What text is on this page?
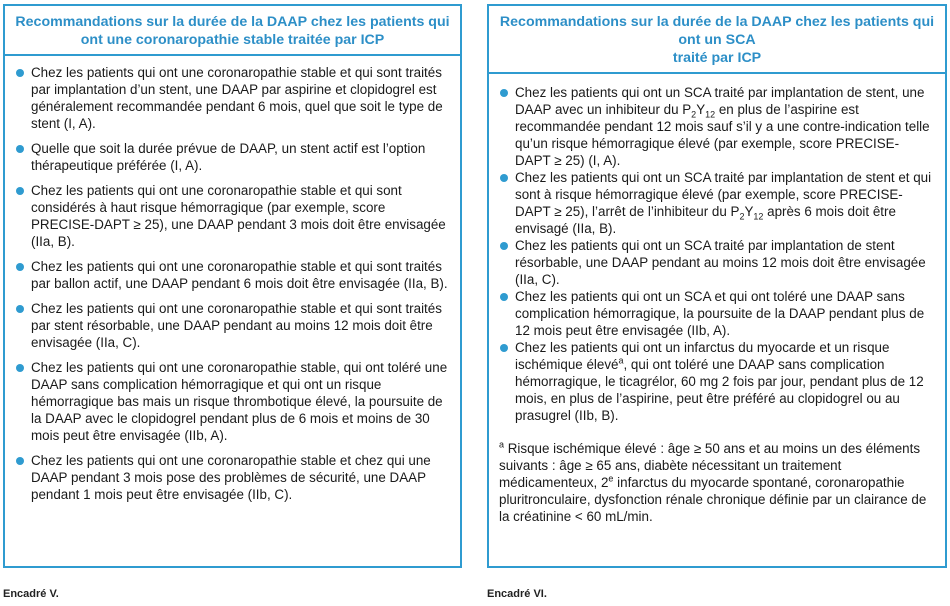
Recommandations sur la durée de la DAAP chez les patients qui
ont une coronaropathie stable traitée par ICP
Chez les patients qui ont une coronaropathie stable et qui sont traités par implantation d’un stent, une DAAP par aspirine et clopidogrel est généralement recommandée pendant 6 mois, quel que soit le type de stent (I, A).
Quelle que soit la durée prévue de DAAP, un stent actif est l’option thérapeutique préférée (I, A).
Chez les patients qui ont une coronaropathie stable et qui sont considérés à haut risque hémorragique (par exemple, score PRECISE-DAPT ≥ 25), une DAAP pendant 3 mois doit être envisagée (IIa, B).
Chez les patients qui ont une coronaropathie stable et qui sont traités par ballon actif, une DAAP pendant 6 mois doit être envisagée (IIa, B).
Chez les patients qui ont une coronaropathie stable et qui sont traités par stent résorbable, une DAAP pendant au moins 12 mois doit être envisagée (IIa, C).
Chez les patients qui ont une coronaropathie stable, qui ont toléré une DAAP sans complication hémorragique et qui ont un risque hémorragique bas mais un risque thrombotique élevé, la poursuite de la DAAP avec le clopidogrel pendant plus de 6 mois et moins de 30 mois peut être envisagée (IIb, A).
Chez les patients qui ont une coronaropathie stable et chez qui une DAAP pendant 3 mois pose des problèmes de sécurité, une DAAP pendant 1 mois peut être envisagée (IIb, C).
Recommandations sur la durée de la DAAP chez les patients qui
ont un SCA
traité par ICP
Chez les patients qui ont un SCA traité par implantation de stent, une DAAP avec un inhibiteur du $P_2Y_{12}$ en plus de l’aspirine est recommandée pendant 12 mois sauf s’il y a une contre-indication telle qu’un risque hémorragique élevé (par exemple, score PRECISE-DAPT ≥ 25) (I, A).
Chez les patients qui ont un SCA traité par implantation de stent et qui sont à risque hémorragique élevé (par exemple, score PRECISE-DAPT ≥ 25), l’arrêt de l’inhibiteur du $P_2Y_{12}$ après 6 mois doit être envisagé (IIa, B).
Chez les patients qui ont un SCA traité par implantation de stent résorbable, une DAAP pendant au moins 12 mois doit être envisagée (IIa, C).
Chez les patients qui ont un SCA et qui ont toléré une DAAP sans complication hémorragique, la poursuite de la DAAP pendant plus de 12 mois peut être envisagée (IIb, A).
Chez les patients qui ont un infarctus du myocarde et un risque ischémique élevé$^a$, qui ont toléré une DAAP sans complication hémorragique, le ticagrélor, 60 mg 2 fois par jour, pendant plus de 12 mois, en plus de l’aspirine, peut être préféré au clopidogrel ou au prasugrel (IIb, B).
$^a$ Risque ischémique élevé : âge ≥ 50 ans et au moins un des éléments suivants : âge ≥ 65 ans, diabète nécessitant un traitement médicamenteux, 2e infarctus du myocarde spontané, coronaropathie pluritronculaire, dysfonction rénale chronique définie par un clairance de la créatinine < 60 mL/min.
Encadré V.	Encadré VI.
